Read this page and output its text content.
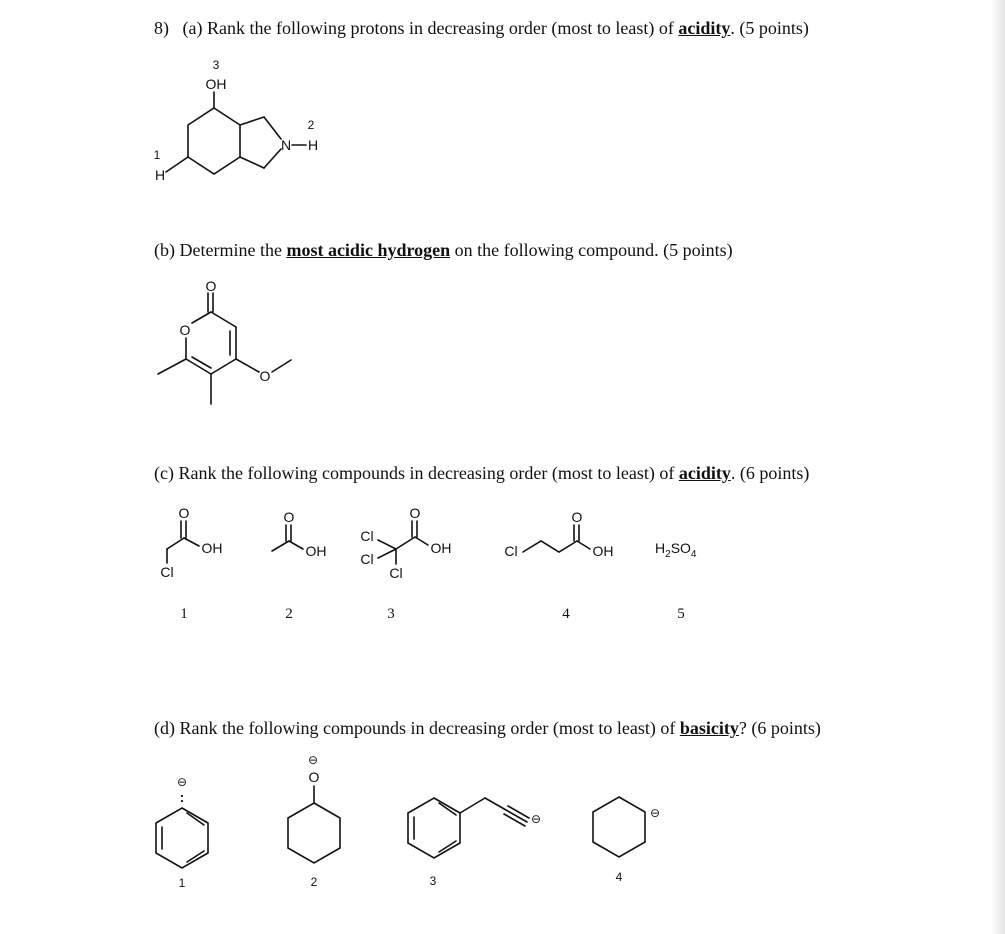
8) (a) Rank the following protons in decreasing order (most to least) of acidity. (5 points)

(b) Determine the most acidic hydrogen on the following compound. (5 points)

(c) Rank the following compounds in decreasing order (most to least) of acidity. (6 points)

(d) Rank the following compounds in decreasing order (most to least) of basicity? (6 points)

3
OH
2
N H
1
H
O
O
O
O
OH
Cl
1
O
OH
2
O
OH
Cl
Cl
Cl
3
O
OH
Cl
4
$H_2SO_4$
5
⊖
:
1
⊖
O
2
⊖
3
⊖
4
